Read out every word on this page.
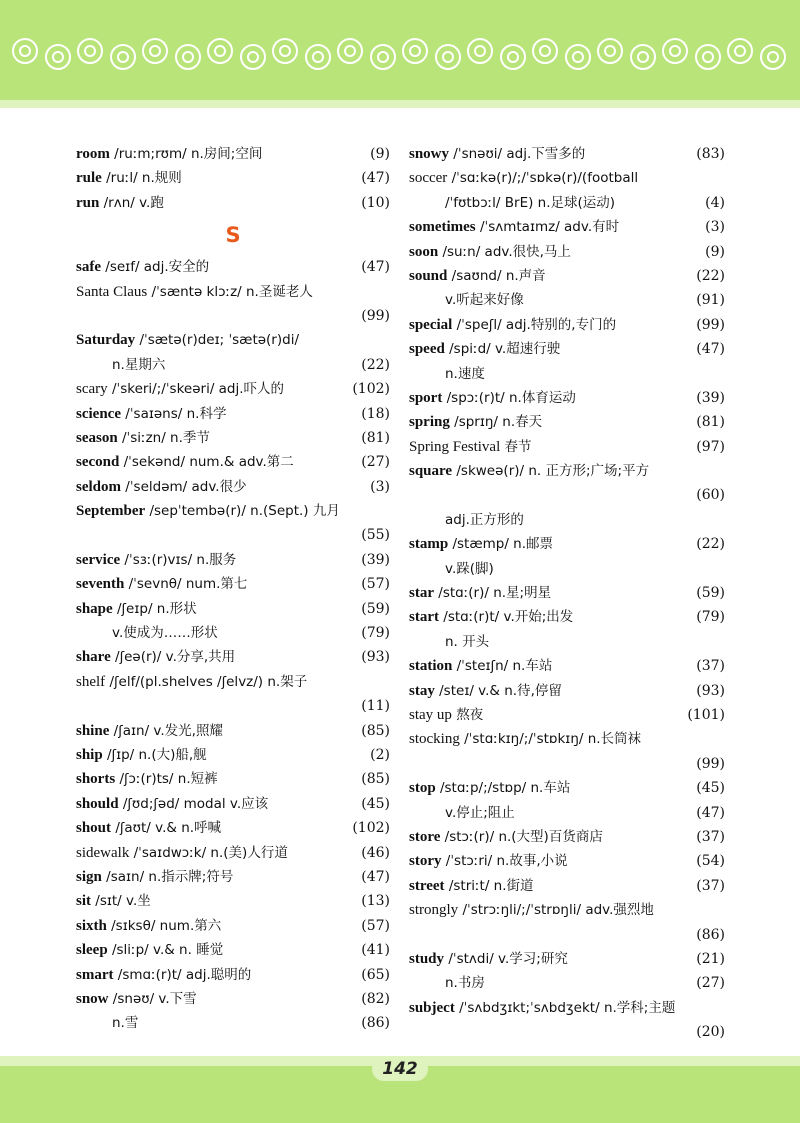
room /ruːm;rʊm/ n.房间;空间	(9)
rule /ruːl/ n.规则	(47)
run /rʌn/ v.跑	(10)
S
safe /seɪf/ adj.安全的	(47)
Santa Claus /ˈsæntə klɔːz/ n.圣诞老人
(99)
Saturday /ˈsætə(r)deɪ; ˈsætə(r)di/
n.星期六	(22)
scary /ˈskeri/;/ˈskeəri/ adj.吓人的	(102)
science /ˈsaɪəns/ n.科学	(18)
season /ˈsiːzn/ n.季节	(81)
second /ˈsekənd/ num.& adv.第二	(27)
seldom /ˈseldəm/ adv.很少	(3)
September /sepˈtembə(r)/ n.(Sept.) 九月
(55)
service /ˈsɜː(r)vɪs/ n.服务	(39)
seventh /ˈsevnθ/ num.第七	(57)
shape /ʃeɪp/ n.形状	(59)
v.使成为……形状	(79)
share /ʃeə(r)/ v.分享,共用	(93)
shelf /ʃelf/(pl.shelves /ʃelvz/) n.架子
(11)
shine /ʃaɪn/ v.发光,照耀	(85)
ship /ʃɪp/ n.(大)船,舰	(2)
shorts /ʃɔː(r)ts/ n.短裤	(85)
should /ʃʊd;ʃəd/ modal v.应该	(45)
shout /ʃaʊt/ v.& n.呼喊	(102)
sidewalk /ˈsaɪdwɔːk/ n.(美)人行道	(46)
sign /saɪn/ n.指示牌;符号	(47)
sit /sɪt/ v.坐	(13)
sixth /sɪksθ/ num.第六	(57)
sleep /sliːp/ v.& n. 睡觉	(41)
smart /smɑː(r)t/ adj.聪明的	(65)
snow /snəʊ/ v.下雪	(82)
n.雪	(86)
snowy /ˈsnəʊi/ adj.下雪多的	(83)
soccer /ˈsɑːkə(r)/;/ˈsɒkə(r)/(football
/ˈfʊtbɔːl/ BrE) n.足球(运动)	(4)
sometimes /ˈsʌmtaɪmz/ adv.有时	(3)
soon /suːn/ adv.很快,马上	(9)
sound /saʊnd/ n.声音	(22)
v.听起来好像	(91)
special /ˈspeʃl/ adj.特别的,专门的	(99)
speed /spiːd/ v.超速行驶	(47)
n.速度
sport /spɔː(r)t/ n.体育运动	(39)
spring /sprɪŋ/ n.春天	(81)
Spring Festival 春节	(97)
square /skweə(r)/ n. 正方形;广场;平方
(60)
adj.正方形的
stamp /stæmp/ n.邮票	(22)
v.跺(脚)
star /stɑː(r)/ n.星;明星	(59)
start /stɑː(r)t/ v.开始;出发	(79)
n. 开头
station /ˈsteɪʃn/ n.车站	(37)
stay /steɪ/ v.& n.待,停留	(93)
stay up 熬夜	(101)
stocking /ˈstɑːkɪŋ/;/ˈstɒkɪŋ/ n.长筒袜
(99)
stop /stɑːp/;/stɒp/ n.车站	(45)
v.停止;阻止	(47)
store /stɔː(r)/ n.(大型)百货商店	(37)
story /ˈstɔːri/ n.故事,小说	(54)
street /striːt/ n.街道	(37)
strongly /ˈstrɔːŋli/;/ˈstrɒŋli/ adv.强烈地
(86)
study /ˈstʌdi/ v.学习;研究	(21)
n.书房	(27)
subject /ˈsʌbdʒɪkt;ˈsʌbdʒekt/ n.学科;主题
(20)
142
